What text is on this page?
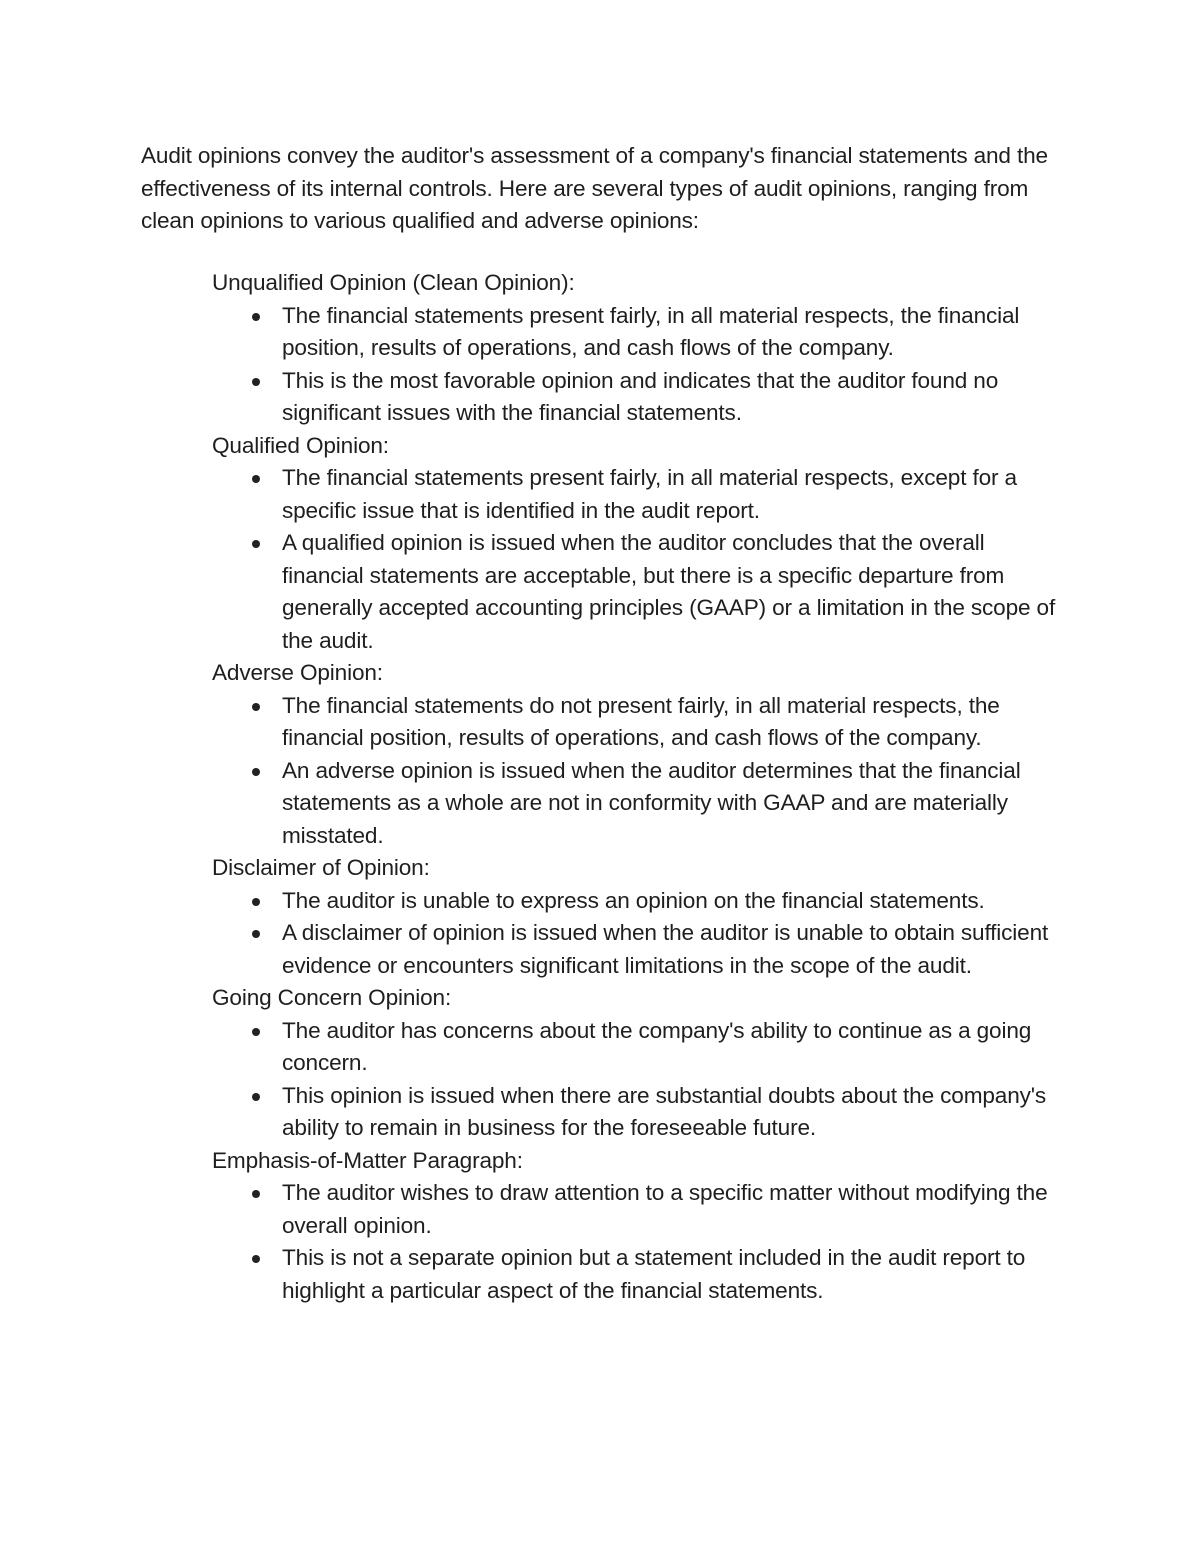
Audit opinions convey the auditor's assessment of a company's financial statements and the effectiveness of its internal controls. Here are several types of audit opinions, ranging from clean opinions to various qualified and adverse opinions:

Unqualified Opinion (Clean Opinion):

The financial statements present fairly, in all material respects, the financial position, results of operations, and cash flows of the company.
This is the most favorable opinion and indicates that the auditor found no significant issues with the financial statements.

Qualified Opinion:

The financial statements present fairly, in all material respects, except for a specific issue that is identified in the audit report.
A qualified opinion is issued when the auditor concludes that the overall financial statements are acceptable, but there is a specific departure from generally accepted accounting principles (GAAP) or a limitation in the scope of the audit.

Adverse Opinion:

The financial statements do not present fairly, in all material respects, the financial position, results of operations, and cash flows of the company.
An adverse opinion is issued when the auditor determines that the financial statements as a whole are not in conformity with GAAP and are materially misstated.

Disclaimer of Opinion:

The auditor is unable to express an opinion on the financial statements.
A disclaimer of opinion is issued when the auditor is unable to obtain sufficient evidence or encounters significant limitations in the scope of the audit.

Going Concern Opinion:

The auditor has concerns about the company's ability to continue as a going concern.
This opinion is issued when there are substantial doubts about the company's ability to remain in business for the foreseeable future.

Emphasis-of-Matter Paragraph:

The auditor wishes to draw attention to a specific matter without modifying the overall opinion.
This is not a separate opinion but a statement included in the audit report to highlight a particular aspect of the financial statements.
